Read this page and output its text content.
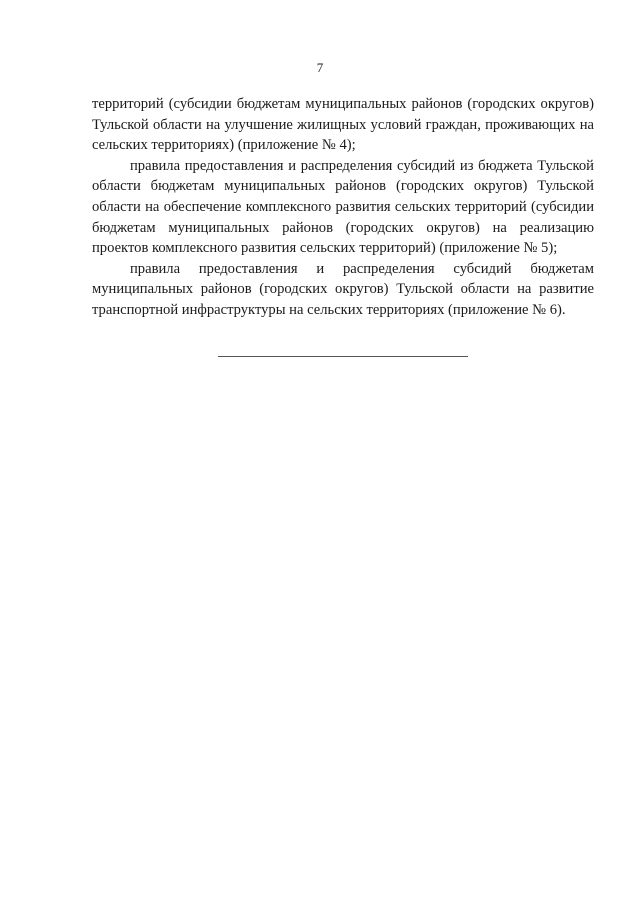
7

территорий (субсидии бюджетам муниципальных районов (городских округов) Тульской области на улучшение жилищных условий граждан, проживающих на сельских территориях) (приложение № 4);

правила предоставления и распределения субсидий из бюджета Тульской области бюджетам муниципальных районов (городских округов) Тульской области на обеспечение комплексного развития сельских территорий (субсидии бюджетам муниципальных районов (городских округов) на реализацию проектов комплексного развития сельских территорий) (приложение № 5);

правила предоставления и распределения субсидий бюджетам муниципальных районов (городских округов) Тульской области на развитие транспортной инфраструктуры на сельских территориях (приложение № 6).
